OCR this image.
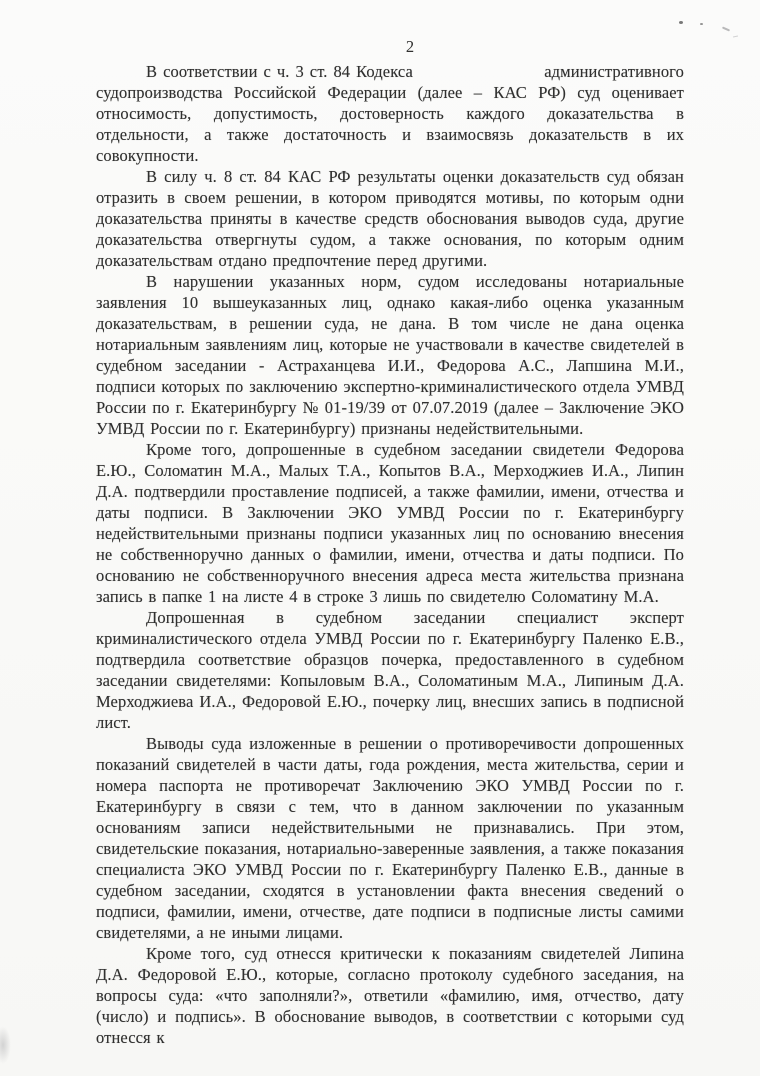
2

В соответствии с ч. 3 ст. 84 Кодекса                      административного судопроизводства Российской Федерации (далее – КАС РФ) суд оценивает относимость, допустимость, достоверность каждого доказательства в отдельности, а также достаточность и взаимосвязь доказательств в их совокупности.

В силу ч. 8 ст. 84 КАС РФ результаты оценки доказательств суд обязан отразить в своем решении, в котором приводятся мотивы, по которым одни доказательства приняты в качестве средств обоснования выводов суда, другие доказательства отвергнуты судом, а также основания, по которым одним доказательствам отдано предпочтение перед другими.

В нарушении указанных норм, судом исследованы нотариальные заявления 10 вышеуказанных лиц, однако какая-либо оценка указанным доказательствам, в решении суда, не дана. В том числе не дана оценка нотариальным заявлениям лиц, которые не участвовали в качестве свидетелей в судебном заседании - Астраханцева И.И., Федорова А.С., Лапшина М.И., подписи которых по заключению экспертно-криминалистического отдела УМВД России по г. Екатеринбургу № 01-19/39 от 07.07.2019 (далее – Заключение ЭКО УМВД России по г. Екатеринбургу) признаны недействительными.

Кроме того, допрошенные в судебном заседании свидетели Федорова Е.Ю., Соломатин М.А., Малых Т.А., Копытов В.А., Мерходжиев И.А., Липин Д.А. подтвердили проставление подписей, а также фамилии, имени, отчества и даты подписи. В Заключении ЭКО УМВД России по г. Екатеринбургу недействительными признаны подписи указанных лиц по основанию внесения не собственноручно данных о фамилии, имени, отчества и даты подписи. По основанию не собственноручного внесения адреса места жительства признана запись в папке 1 на листе 4 в строке 3 лишь по свидетелю Соломатину М.А.

Допрошенная в судебном заседании специалист эксперт криминалистического отдела УМВД России по г. Екатеринбургу Паленко Е.В., подтвердила соответствие образцов почерка, предоставленного в судебном заседании свидетелями: Копыловым В.А., Соломатиным М.А., Липиным Д.А. Мерходжиева И.А., Федоровой Е.Ю., почерку лиц, внесших запись в подписной лист.

Выводы суда изложенные в решении о противоречивости допрошенных показаний свидетелей в части даты, года рождения, места жительства, серии и номера паспорта не противоречат Заключению ЭКО УМВД России по г. Екатеринбургу в связи с тем, что в данном заключении по указанным основаниям записи недействительными не признавались. При этом, свидетельские показания, нотариально-заверенные заявления, а также показания специалиста ЭКО УМВД России по г. Екатеринбургу Паленко Е.В., данные в судебном заседании, сходятся в установлении факта внесения сведений о подписи, фамилии, имени, отчестве, дате подписи в подписные листы самими свидетелями, а не иными лицами.

Кроме того, суд отнесся критически к показаниям свидетелей Липина Д.А. Федоровой Е.Ю., которые, согласно протоколу судебного заседания, на вопросы суда: «что заполняли?», ответили «фамилию, имя, отчество, дату (число) и подпись». В обоснование выводов, в соответствии с которыми суд отнесся к
